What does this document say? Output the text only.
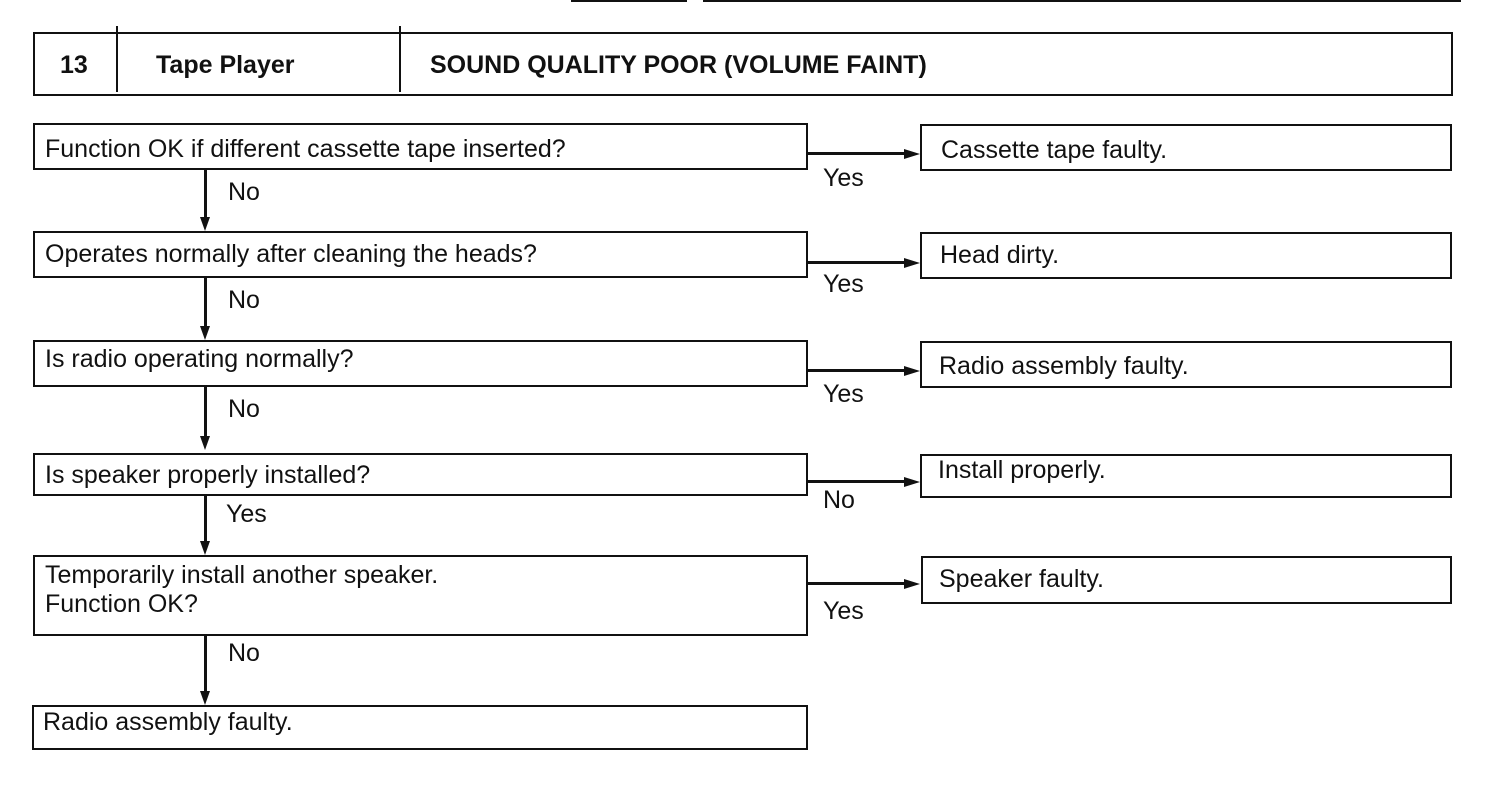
13	Tape Player	SOUND QUALITY POOR (VOLUME FAINT)
Function OK if different cassette tape inserted?
Yes
Cassette tape faulty.
No
Operates normally after cleaning the heads?
Yes
Head dirty.
No
Is radio operating normally?
Yes
Radio assembly faulty.
No
Is speaker properly installed?
No
Install properly.
Yes
Temporarily install another speaker.
Function OK?	Yes
Speaker faulty.
No
Radio assembly faulty.
